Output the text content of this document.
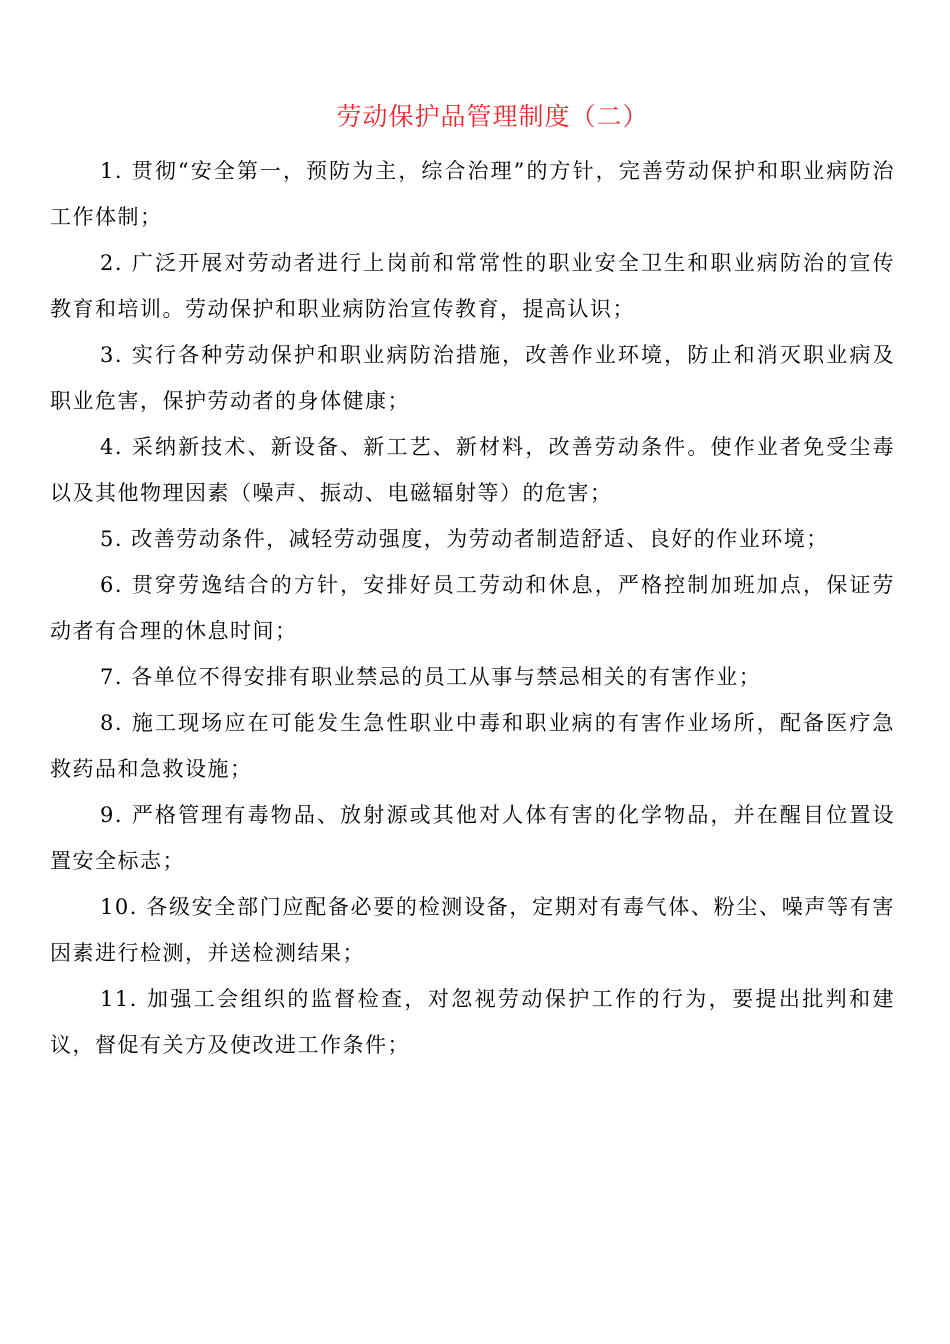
劳动保护品管理制度（二）

1. 贯彻“安全第一，预防为主，综合治理”的方针，完善劳动保护和职业病防治工作体制；

2. 广泛开展对劳动者进行上岗前和常常性的职业安全卫生和职业病防治的宣传教育和培训。劳动保护和职业病防治宣传教育，提高认识；

3. 实行各种劳动保护和职业病防治措施，改善作业环境，防止和消灭职业病及职业危害，保护劳动者的身体健康；

4. 采纳新技术、新设备、新工艺、新材料，改善劳动条件。使作业者免受尘毒以及其他物理因素（噪声、振动、电磁辐射等）的危害；

5. 改善劳动条件，减轻劳动强度，为劳动者制造舒适、良好的作业环境；

6. 贯穿劳逸结合的方针，安排好员工劳动和休息，严格控制加班加点，保证劳动者有合理的休息时间；

7. 各单位不得安排有职业禁忌的员工从事与禁忌相关的有害作业；

8. 施工现场应在可能发生急性职业中毒和职业病的有害作业场所，配备医疗急救药品和急救设施；

9. 严格管理有毒物品、放射源或其他对人体有害的化学物品，并在醒目位置设置安全标志；

10. 各级安全部门应配备必要的检测设备，定期对有毒气体、粉尘、噪声等有害因素进行检测，并送检测结果；

11. 加强工会组织的监督检查，对忽视劳动保护工作的行为，要提出批判和建议，督促有关方及使改进工作条件；
